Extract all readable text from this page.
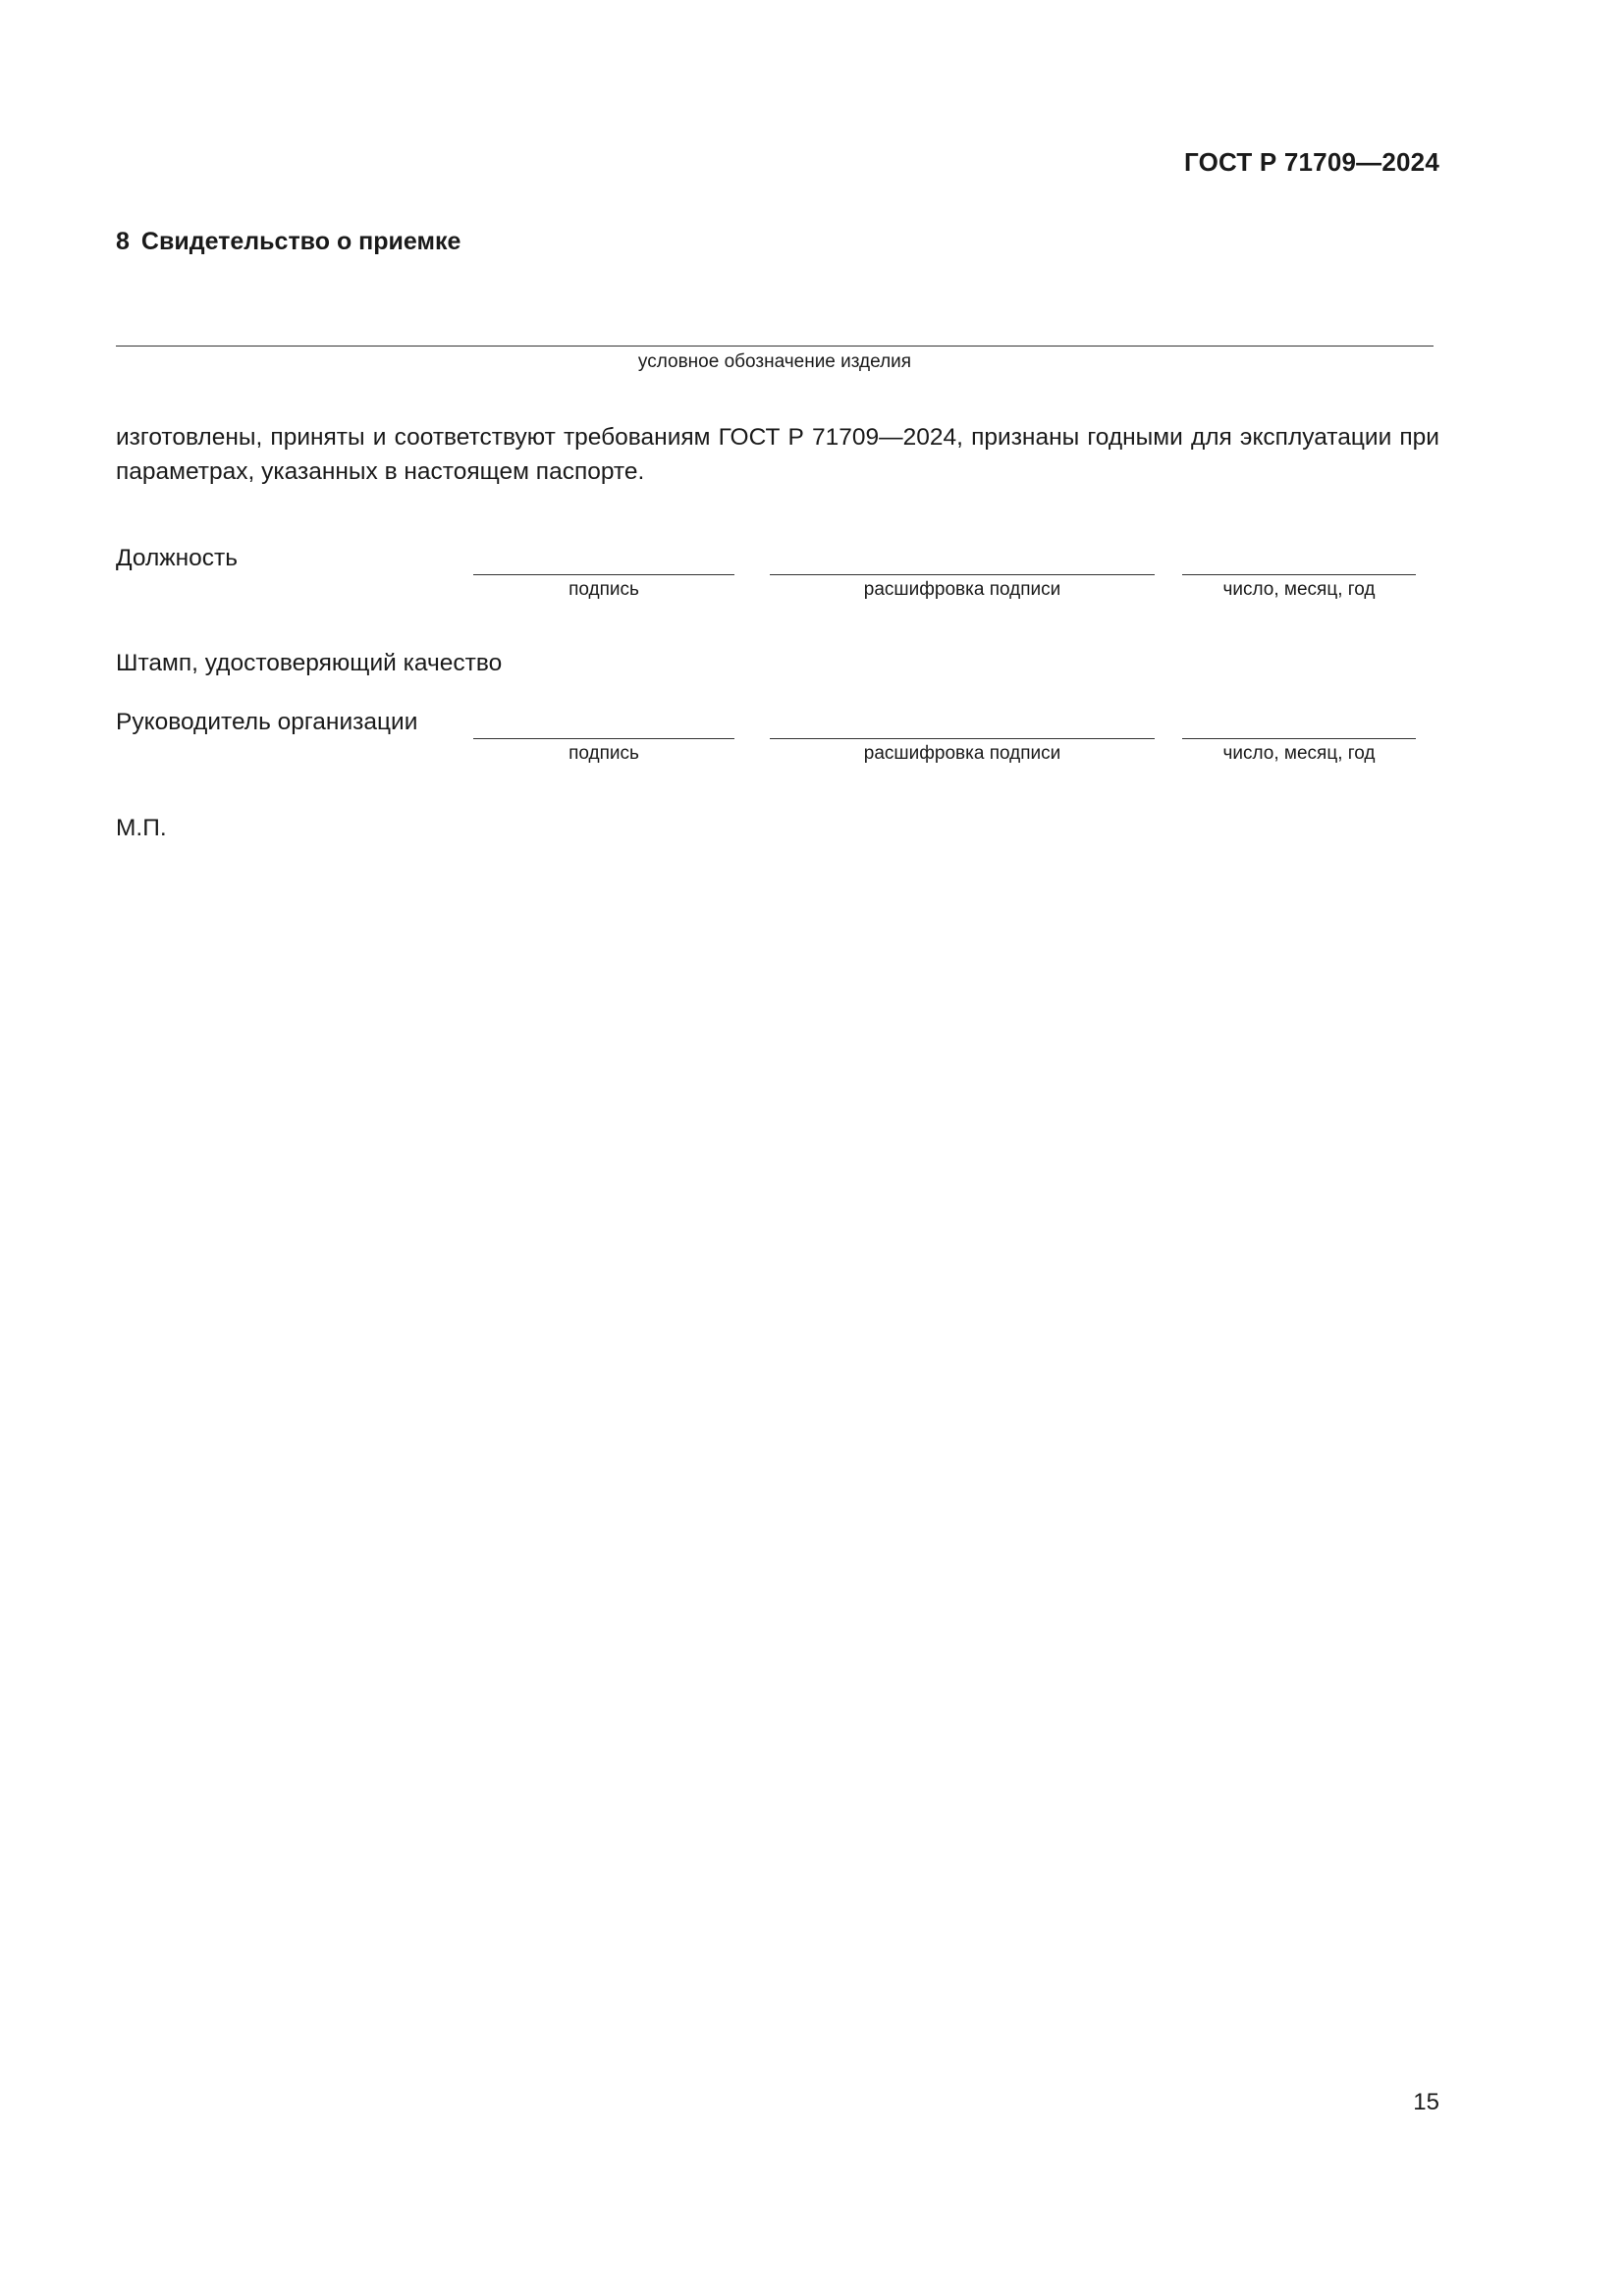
ГОСТ Р 71709—2024
8 Свидетельство о приемке
условное обозначение изделия
изготовлены, приняты и соответствуют требованиям ГОСТ Р 71709—2024, признаны годными для эксплуатации при параметрах, указанных в настоящем паспорте.
Должность
подпись	расшифровка подписи	число, месяц, год
Штамп, удостоверяющий качество
Руководитель организации
подпись	расшифровка подписи	число, месяц, год
М.П.
15
